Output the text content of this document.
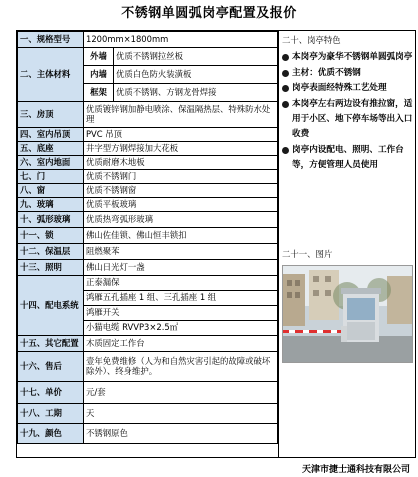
不锈钢单圆弧岗亭配置及报价
一、规格型号	1200mm×1800mm	
二、主体材料	外墙	优质不锈钢拉丝板
	内墙	优质白色防火装潢板
	框架	优质不锈钢、方钢龙骨焊接
三、房顶	优质镀锌钢加静电喷涂、保温隔热层、特殊防水处理	
四、室内吊顶	PVC 吊顶	
五、底座	井字型方钢焊接加大花板	
六、室内地面	优质耐磨木地板	
七、门	优质不锈钢门	
八、窗	优质不锈钢窗	
九、玻璃	优质平板玻璃	
十、弧形玻璃	优质热弯弧形玻璃	
十一、锁	佛山佐佳锁、佛山恒丰锁扣	
十二、保温层	阻燃聚苯	
十三、照明	佛山日光灯一盏	
十四、配电系统	正泰漏保	
	鸿雁五孔插座 1 组、三孔插座 1 组	
	鸿雁开关	
	小猫电缆 RVVP3×2.5㎡	
十五、其它配置	木质固定工作台	
十六、售后	壹年免费维修（人为和自然灾害引起的故障或破坏除外）、终身维护。	
十七、单价	元/套	
十八、工期	天	
十九、颜色	不锈钢原色	
二十、岗亭特色
本岗亭为豪华不锈钢单圆弧岗亭
主材：优质不锈钢
岗亭表面经特殊工艺处理
本岗亭左右两边设有推拉窗，适用于小区、地下停车场等出入口收费
岗亭内设配电、照明、工作台等，方便管理人员使用
二十一、图片
天津市捷士通科技有限公司
